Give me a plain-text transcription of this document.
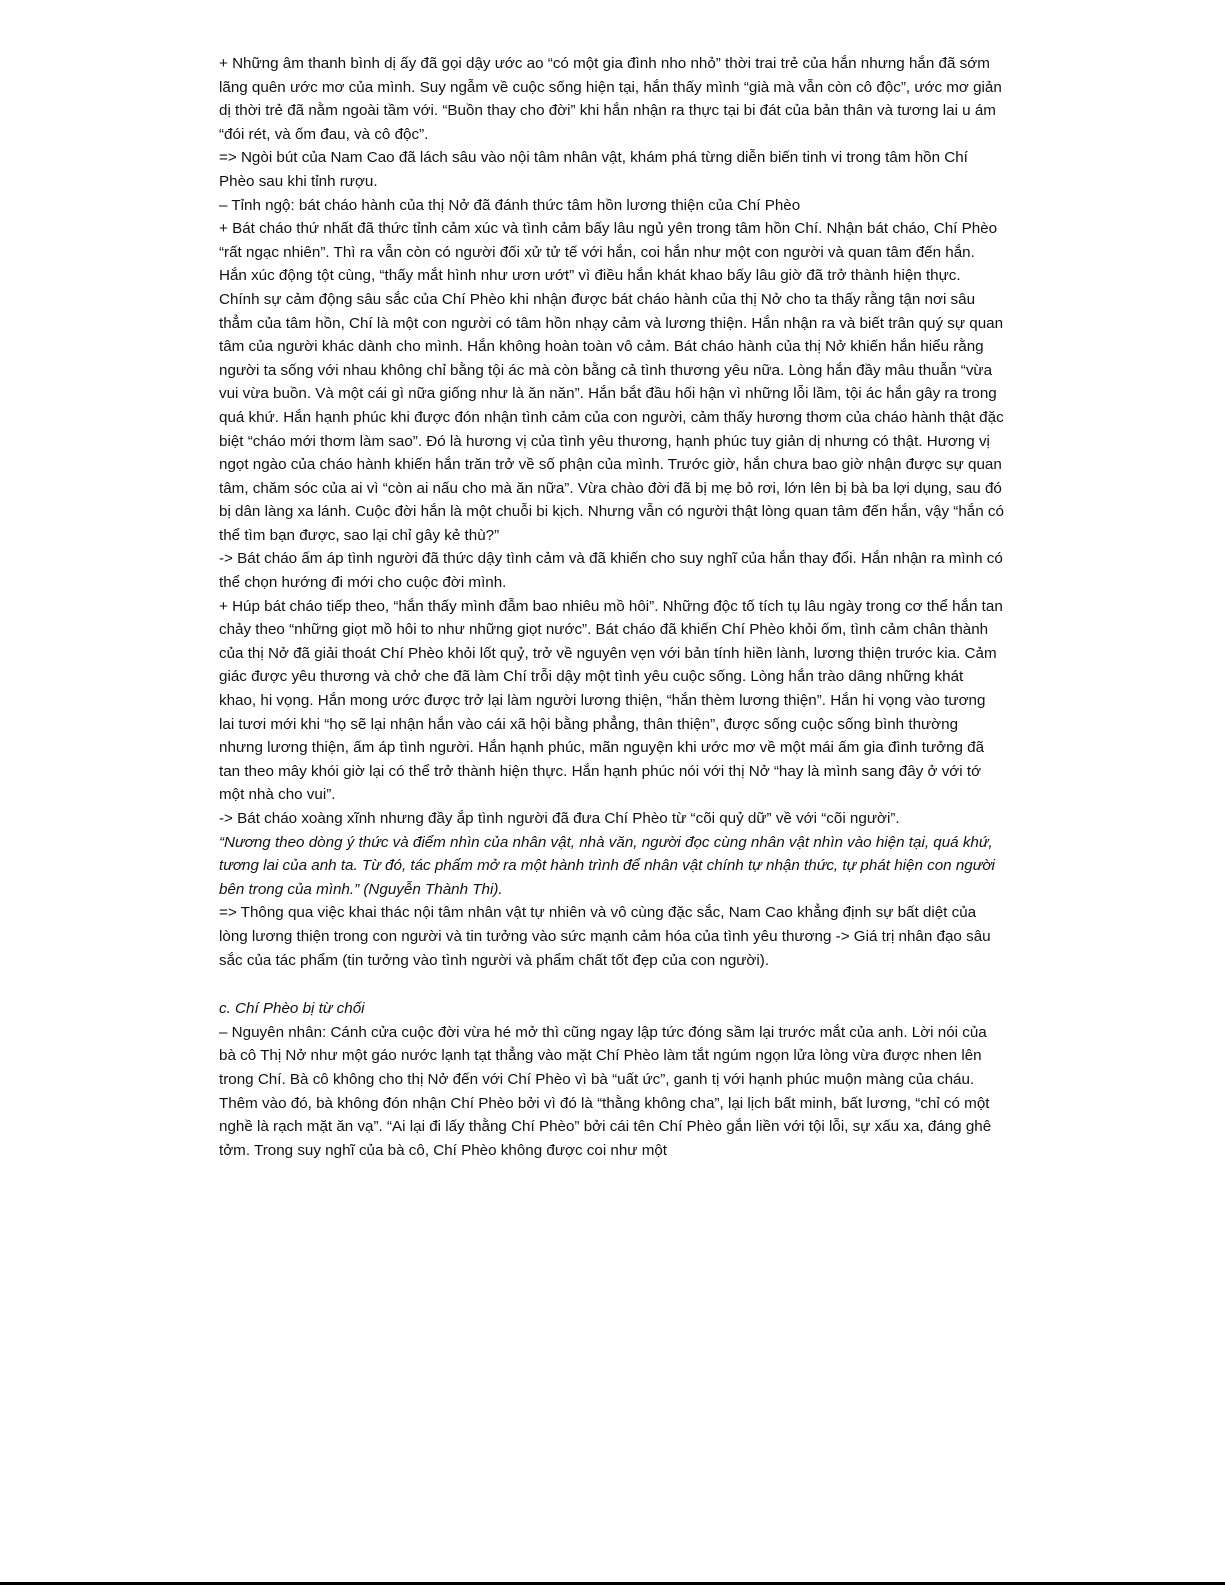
+ Những âm thanh bình dị ấy đã gọi dậy ước ao “có một gia đình nho nhỏ” thời trai trẻ của hắn nhưng hắn đã sớm lãng quên ước mơ của mình. Suy ngẫm về cuộc sống hiện tại, hắn thấy mình “già mà vẫn còn cô độc”, ước mơ giản dị thời trẻ đã nằm ngoài tầm với. “Buồn thay cho đời” khi hắn nhận ra thực tại bi đát của bản thân và tương lai u ám “đói rét, và ốm đau, và cô độc”.

=> Ngòi bút của Nam Cao đã lách sâu vào nội tâm nhân vật, khám phá từng diễn biến tinh vi trong tâm hồn Chí Phèo sau khi tỉnh rượu.

– Tỉnh ngộ: bát cháo hành của thị Nở đã đánh thức tâm hồn lương thiện của Chí Phèo

+ Bát cháo thứ nhất đã thức tỉnh cảm xúc và tình cảm bấy lâu ngủ yên trong tâm hồn Chí. Nhận bát cháo, Chí Phèo “rất ngạc nhiên”. Thì ra vẫn còn có người đối xử tử tế với hắn, coi hắn như một con người và quan tâm đến hắn. Hắn xúc động tột cùng, “thấy mắt hình như ươn ướt” vì điều hắn khát khao bấy lâu giờ đã trở thành hiện thực. Chính sự cảm động sâu sắc của Chí Phèo khi nhận được bát cháo hành của thị Nở cho ta thấy rằng tận nơi sâu thẳm của tâm hồn, Chí là một con người có tâm hồn nhạy cảm và lương thiện. Hắn nhận ra và biết trân quý sự quan tâm của người khác dành cho mình. Hắn không hoàn toàn vô cảm. Bát cháo hành của thị Nở khiến hắn hiểu rằng người ta sống với nhau không chỉ bằng tội ác mà còn bằng cả tình thương yêu nữa. Lòng hắn đầy mâu thuẫn “vừa vui vừa buồn. Và một cái gì nữa giống như là ăn năn”. Hắn bắt đầu hối hận vì những lỗi lầm, tội ác hắn gây ra trong quá khứ. Hắn hạnh phúc khi được đón nhận tình cảm của con người, cảm thấy hương thơm của cháo hành thật đặc biệt “cháo mới thơm làm sao”. Đó là hương vị của tình yêu thương, hạnh phúc tuy giản dị nhưng có thật. Hương vị ngọt ngào của cháo hành khiến hắn trăn trở về số phận của mình. Trước giờ, hắn chưa bao giờ nhận được sự quan tâm, chăm sóc của ai vì “còn ai nấu cho mà ăn nữa”. Vừa chào đời đã bị mẹ bỏ rơi, lớn lên bị bà ba lợi dụng, sau đó bị dân làng xa lánh. Cuộc đời hắn là một chuỗi bi kịch. Nhưng vẫn có người thật lòng quan tâm đến hắn, vậy “hắn có thể tìm bạn được, sao lại chỉ gây kẻ thù?”

-> Bát cháo ấm áp tình người đã thức dậy tình cảm và đã khiến cho suy nghĩ của hắn thay đổi. Hắn nhận ra mình có thể chọn hướng đi mới cho cuộc đời mình.

+ Húp bát cháo tiếp theo, “hắn thấy mình đẫm bao nhiêu mồ hôi”. Những độc tố tích tụ lâu ngày trong cơ thể hắn tan chảy theo “những giọt mồ hôi to như những giọt nước”. Bát cháo đã khiến Chí Phèo khỏi ốm, tình cảm chân thành của thị Nở đã giải thoát Chí Phèo khỏi lốt quỷ, trở về nguyên vẹn với bản tính hiền lành, lương thiện trước kia. Cảm giác được yêu thương và chở che đã làm Chí trỗi dậy một tình yêu cuộc sống. Lòng hắn trào dâng những khát khao, hi vọng. Hắn mong ước được trở lại làm người lương thiện, “hắn thèm lương thiện”. Hắn hi vọng vào tương lai tươi mới khi “họ sẽ lại nhận hắn vào cái xã hội bằng phẳng, thân thiện”, được sống cuộc sống bình thường nhưng lương thiện, ấm áp tình người. Hắn hạnh phúc, mãn nguyện khi ước mơ về một mái ấm gia đình tưởng đã tan theo mây khói giờ lại có thể trở thành hiện thực. Hắn hạnh phúc nói với thị Nở “hay là mình sang đây ở với tớ một nhà cho vui”.

-> Bát cháo xoàng xĩnh nhưng đầy ắp tình người đã đưa Chí Phèo từ “cõi quỷ dữ” về với “cõi người”.

“Nương theo dòng ý thức và điểm nhìn của nhân vật, nhà văn, người đọc cùng nhân vật nhìn vào hiện tại, quá khứ, tương lai của anh ta. Từ đó, tác phẩm mở ra một hành trình để nhân vật chính tự nhận thức, tự phát hiện con người bên trong của mình.” (Nguyễn Thành Thi).

=> Thông qua việc khai thác nội tâm nhân vật tự nhiên và vô cùng đặc sắc, Nam Cao khẳng định sự bất diệt của lòng lương thiện trong con người và tin tưởng vào sức mạnh cảm hóa của tình yêu thương -> Giá trị nhân đạo sâu sắc của tác phẩm (tin tưởng vào tình người và phẩm chất tốt đẹp của con người).

c. Chí Phèo bị từ chối

– Nguyên nhân: Cánh cửa cuộc đời vừa hé mở thì cũng ngay lập tức đóng sầm lại trước mắt của anh. Lời nói của bà cô Thị Nở như một gáo nước lạnh tạt thẳng vào mặt Chí Phèo làm tắt ngúm ngọn lửa lòng vừa được nhen lên trong Chí. Bà cô không cho thị Nở đến với Chí Phèo vì bà “uất ức”, ganh tị với hạnh phúc muộn màng của cháu. Thêm vào đó, bà không đón nhận Chí Phèo bởi vì đó là “thằng không cha”, lại lịch bất minh, bất lương, “chỉ có một nghề là rạch mặt ăn vạ”. “Ai lại đi lấy thằng Chí Phèo” bởi cái tên Chí Phèo gắn liền với tội lỗi, sự xấu xa, đáng ghê tởm. Trong suy nghĩ của bà cô, Chí Phèo không được coi như một
